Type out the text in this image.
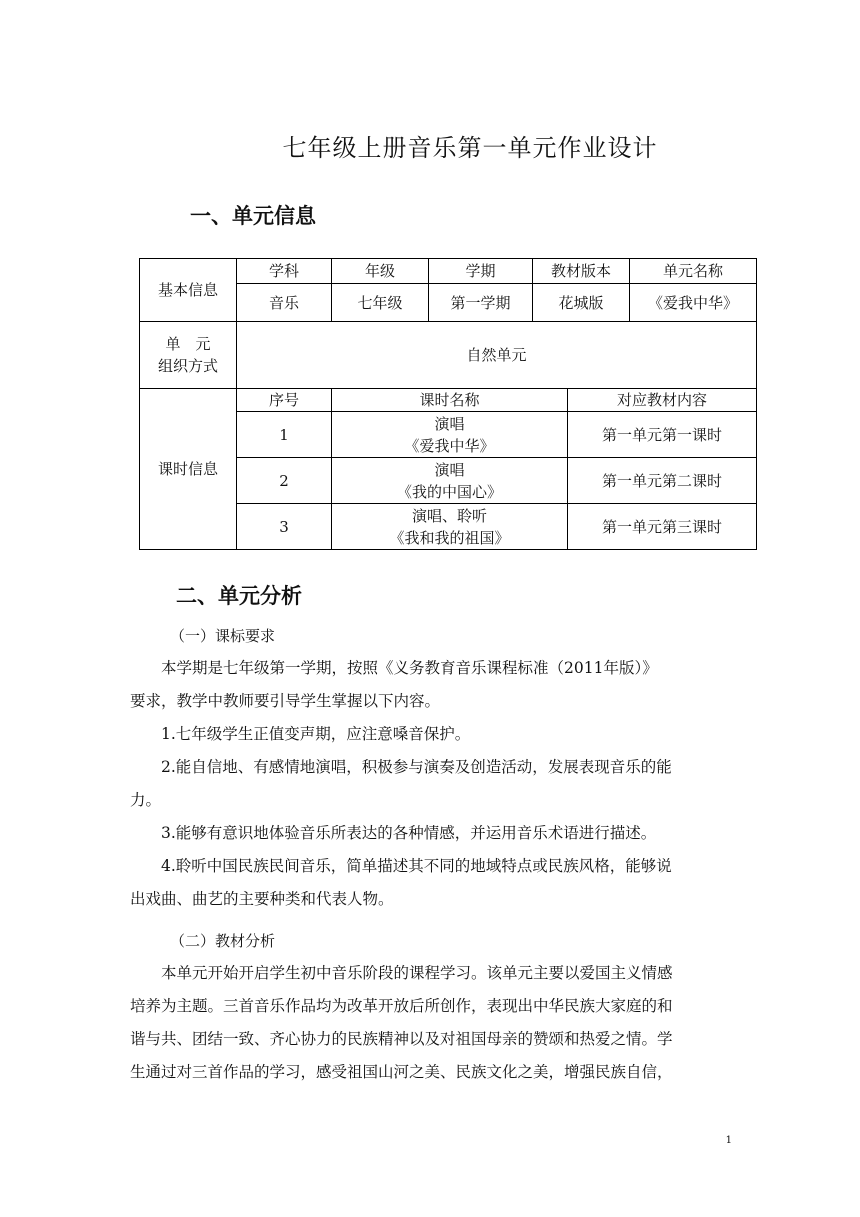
七年级上册音乐第一单元作业设计
一、单元信息
基本信息	学科	年级	学期	教材版本		单元名称
	音乐	七年级	第一学期	花城版		《爱我中华》

单　元
组织方式	自然单元					
课时信息	序号	课时名称			对应教材内容	
	1	演唱
《爱我中华》			第一单元第一课时	
	2	演唱
《我的中国心》			第一单元第二课时	
	3	演唱、聆听
《我和我的祖国》			第一单元第三课时	
二、单元分析
（一）课标要求
本学期是七年级第一学期，按照《义务教育音乐课程标准（2011年版）》
要求，教学中教师要引导学生掌握以下内容。
1.七年级学生正值变声期，应注意嗓音保护。
2.能自信地、有感情地演唱，积极参与演奏及创造活动，发展表现音乐的能
力。
3.能够有意识地体验音乐所表达的各种情感，并运用音乐术语进行描述。
4.聆听中国民族民间音乐，简单描述其不同的地域特点或民族风格，能够说
出戏曲、曲艺的主要种类和代表人物。
（二）教材分析
本单元开始开启学生初中音乐阶段的课程学习。该单元主要以爱国主义情感
培养为主题。三首音乐作品均为改革开放后所创作，表现出中华民族大家庭的和
谐与共、团结一致、齐心协力的民族精神以及对祖国母亲的赞颂和热爱之情。学
生通过对三首作品的学习，感受祖国山河之美、民族文化之美，增强民族自信，
1
